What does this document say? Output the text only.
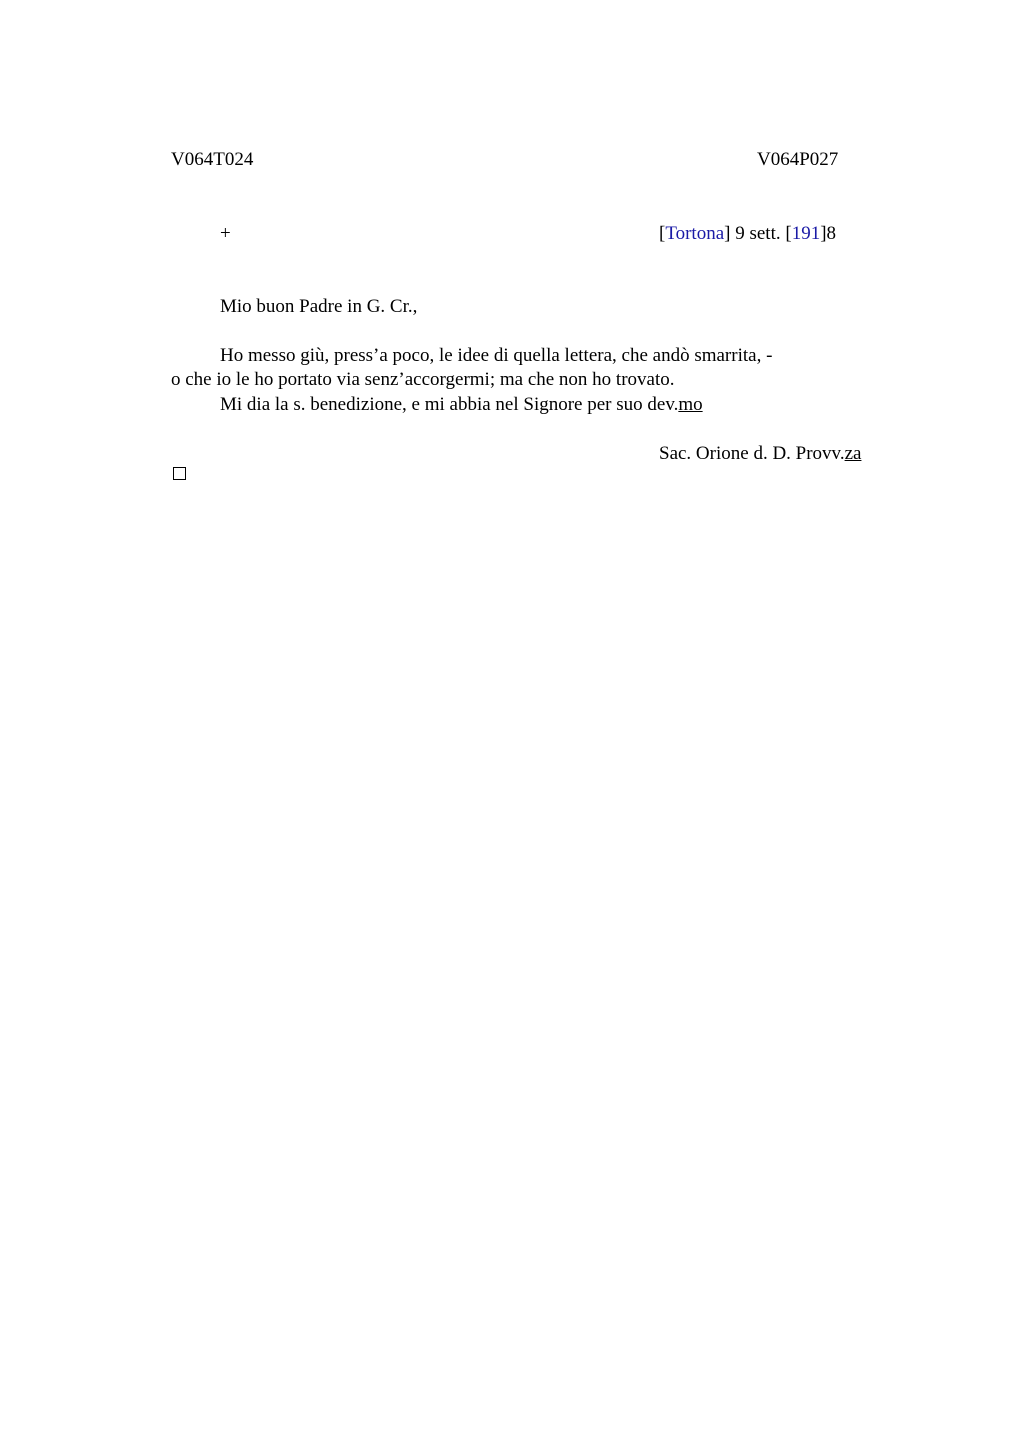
V064T024	V064P027
+	[Tortona] 9 sett. [191]8
Mio buon Padre in G. Cr.,
Ho messo giù, press’a poco, le idee di quella lettera, che andò smarrita, -
o che io le ho portato via senz’accorgermi; ma che non ho trovato.
Mi dia la s. benedizione, e mi abbia nel Signore per suo dev.mo
Sac. Orione d. D. Provv.za
